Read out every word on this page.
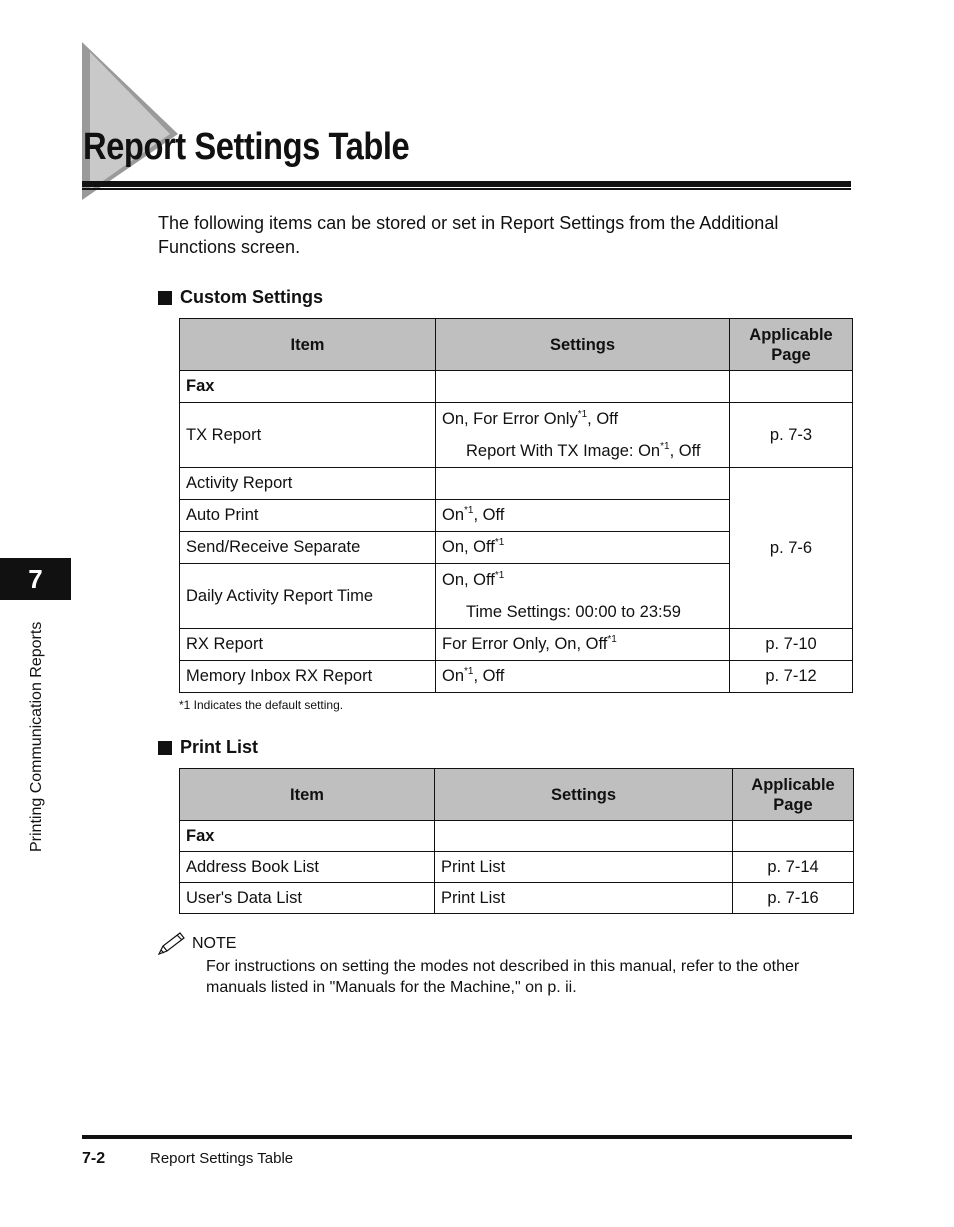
Report Settings Table

The following items can be stored or set in Report Settings from the Additional Functions screen.

Custom Settings
Item	Settings	Applicable
Page
Fax		
TX Report	On, For Error Only$^{*1}$, Off
Report With TX Image: On$^{*1}$, Off	p. 7-3
Activity Report		p. 7-6
Auto Print	On$^{*1}$, Off	
Send/Receive Separate	On, Off$^{*1}$
Daily Activity Report Time	On, Off$^{*1}$
Time Settings: 00:00 to 23:59	

RX Report	For Error Only, On, Off$^{*1}$	p. 7-10
Memory Inbox RX Report	On$^{*1}$, Off	p. 7-12
*1 Indicates the default setting.
Print List
Item	Settings	Applicable
Page
Fax		
Address Book List	Print List	p. 7-14
User's Data List	Print List	p. 7-16
NOTE
For instructions on setting the modes not described in this manual, refer to the other manuals listed in "Manuals for the Machine," on p. ii.
7
Printing Communication Reports
7-2	Report Settings Table
